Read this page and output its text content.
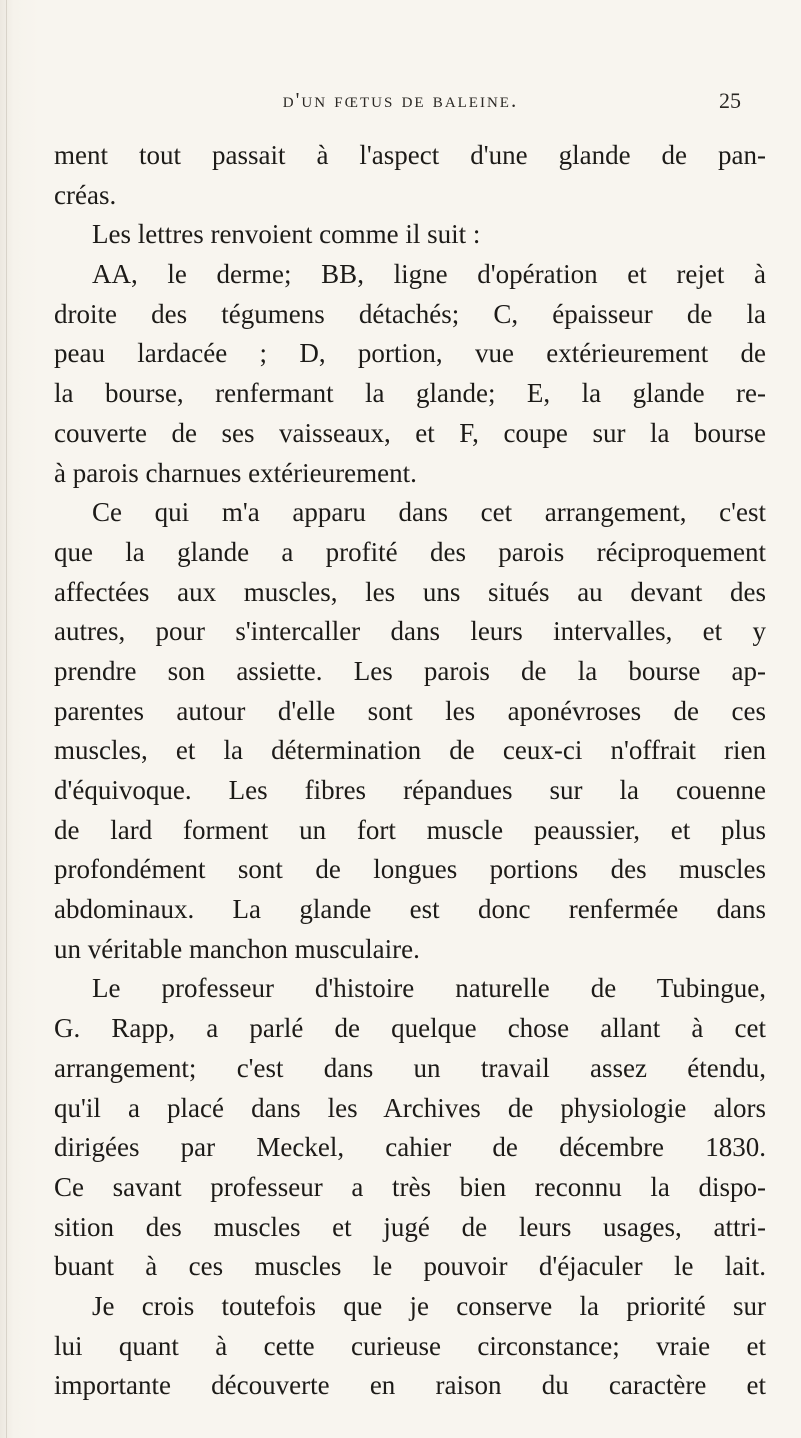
d'un fœtus de baleine.	25
ment tout passait à l'aspect d'une glande de pan-
créas.
Les lettres renvoient comme il suit :
AA, le derme; BB, ligne d'opération et rejet à
droite des tégumens détachés; C, épaisseur de la
peau lardacée ; D, portion, vue extérieurement de
la bourse, renfermant la glande; E, la glande re-
couverte de ses vaisseaux, et F, coupe sur la bourse
à parois charnues extérieurement.
Ce qui m'a apparu dans cet arrangement, c'est
que la glande a profité des parois réciproquement
affectées aux muscles, les uns situés au devant des
autres, pour s'intercaller dans leurs intervalles, et y
prendre son assiette. Les parois de la bourse ap-
parentes autour d'elle sont les aponévroses de ces
muscles, et la détermination de ceux-ci n'offrait rien
d'équivoque. Les fibres répandues sur la couenne
de lard forment un fort muscle peaussier, et plus
profondément sont de longues portions des muscles
abdominaux. La glande est donc renfermée dans
un véritable manchon musculaire.
Le professeur d'histoire naturelle de Tubingue,
G. Rapp, a parlé de quelque chose allant à cet
arrangement; c'est dans un travail assez étendu,
qu'il a placé dans les Archives de physiologie alors
dirigées par Meckel, cahier de décembre 1830.
Ce savant professeur a très bien reconnu la dispo-
sition des muscles et jugé de leurs usages, attri-
buant à ces muscles le pouvoir d'éjaculer le lait.
Je crois toutefois que je conserve la priorité sur
lui quant à cette curieuse circonstance; vraie et
importante découverte en raison du caractère et
